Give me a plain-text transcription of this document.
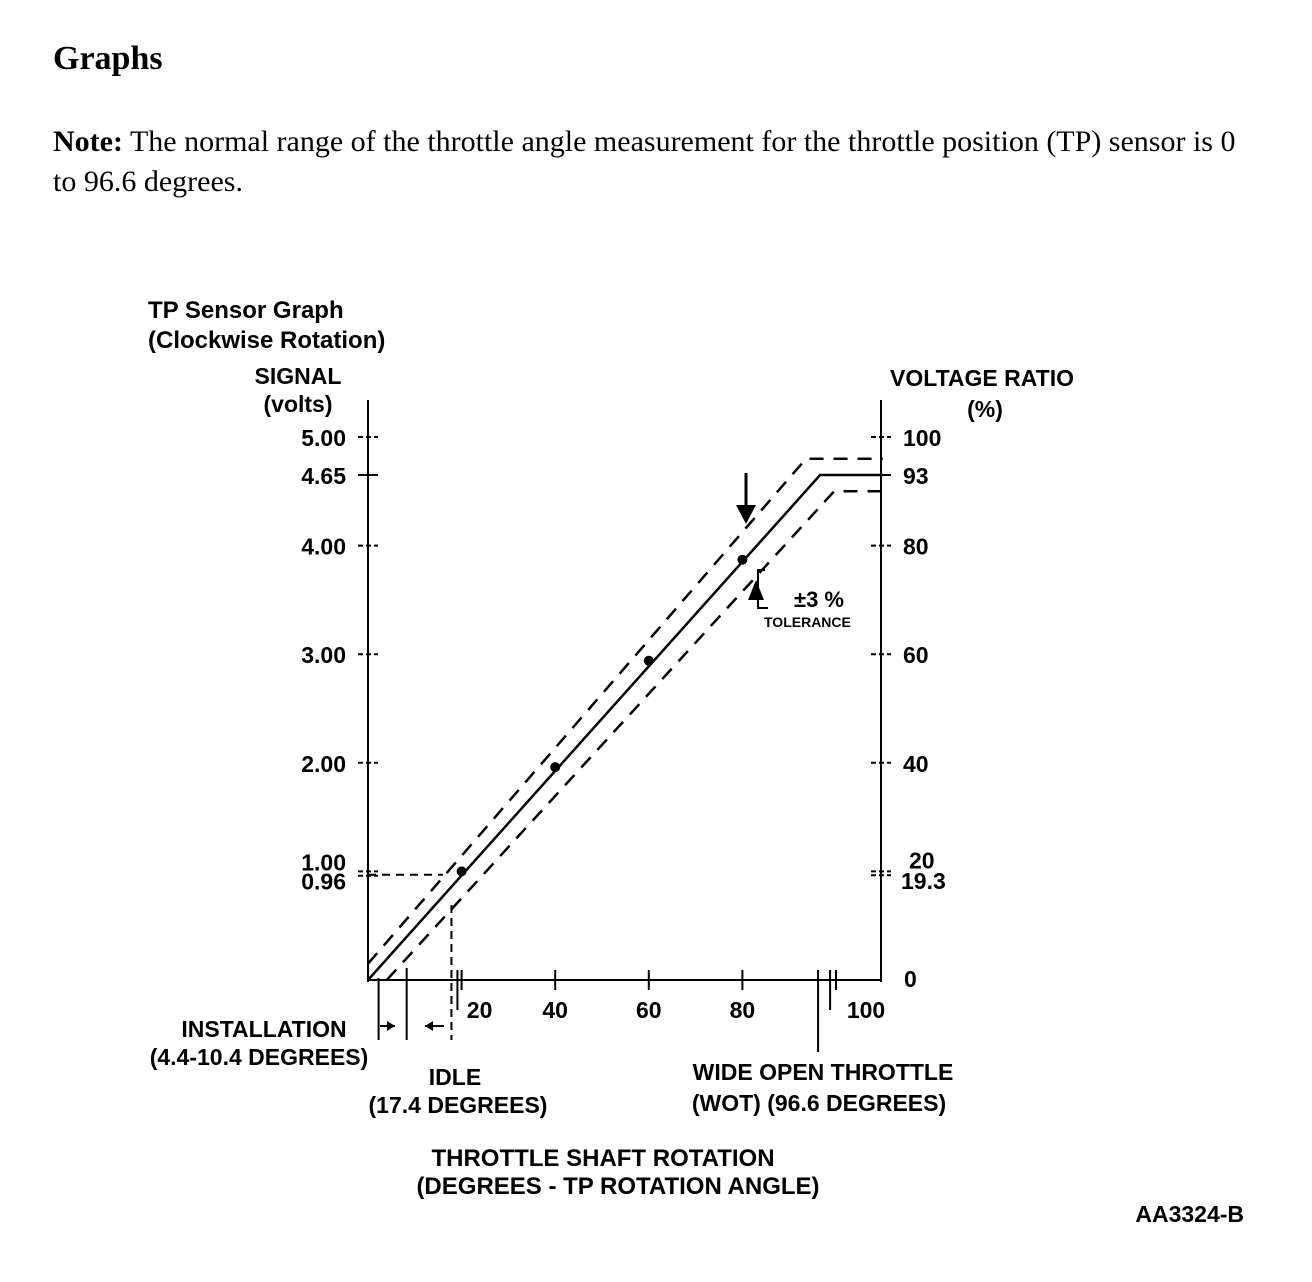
Graphs

Note: The normal range of the throttle angle measurement for the throttle position (TP) sensor is 0 to 96.6 degrees.

TP Sensor Graph
(Clockwise Rotation)
SIGNAL
(volts)
VOLTAGE RATIO
(%)
THROTTLE SHAFT ROTATION
(DEGREES - TP ROTATION ANGLE)
AA3324-B
INSTALLATION
(4.4-10.4 DEGREES)
IDLE
(17.4 DEGREES)
WIDE OPEN THROTTLE
(WOT) (96.6 DEGREES)
±3 %
TOLERANCE
5.00
4.65
4.00
3.00
2.00
1.00
0.96
100
93
80
60
40
20
19.3
0
20 40	60	80	100
